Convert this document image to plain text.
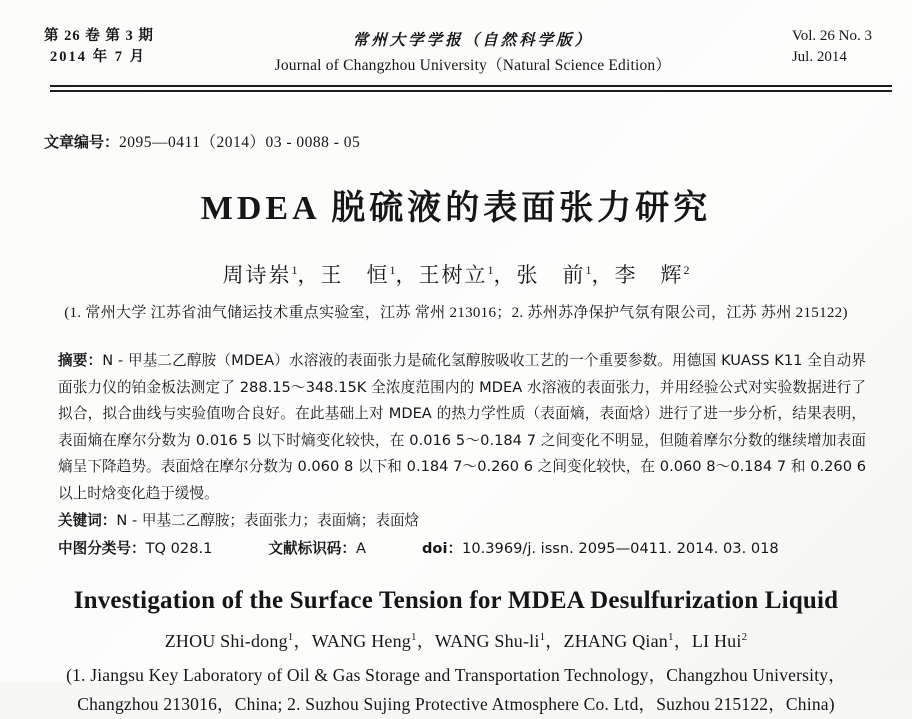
第 26 卷 第 3 期
2014 年 7 月
常州大学学报（自然科学版）
Journal of Changzhou University（Natural Science Edition）
Vol. 26 No. 3
Jul. 2014
文章编号：2095—0411（2014）03 - 0088 - 05
MDEA 脱硫液的表面张力研究
周诗岽$^1$，王　恒$^1$，王树立$^1$，张　前$^1$，李　辉$^2$
(1. 常州大学 江苏省油气储运技术重点实验室，江苏 常州 213016；2. 苏州苏净保护气氛有限公司，江苏 苏州 215122)
摘要：N - 甲基二乙醇胺（MDEA）水溶液的表面张力是硫化氢醇胺吸收工艺的一个重要参数。用德国 KUASS K11 全自动界面张力仪的铂金板法测定了 288.15～348.15K 全浓度范围内的 MDEA 水溶液的表面张力，并用经验公式对实验数据进行了拟合，拟合曲线与实验值吻合良好。在此基础上对 MDEA 的热力学性质（表面熵，表面焓）进行了进一步分析，结果表明，表面熵在摩尔分数为 0.016 5 以下时熵变化较快，在 0.016 5～0.184 7 之间变化不明显，但随着摩尔分数的继续增加表面熵呈下降趋势。表面焓在摩尔分数为 0.060 8 以下和 0.184 7～0.260 6 之间变化较快，在 0.060 8～0.184 7 和 0.260 6 以上时焓变化趋于缓慢。
关键词：N - 甲基二乙醇胺；表面张力；表面熵；表面焓
中图分类号：TQ 028.1	文献标识码：A	doi：10.3969/j. issn. 2095—0411. 2014. 03. 018
Investigation of the Surface Tension for MDEA Desulfurization Liquid
ZHOU Shi-dong$^1$，WANG Heng$^1$，WANG Shu-$li^1$，ZHANG Qian$^1$，LI Hui$^2$
(1. Jiangsu Key Laboratory of Oil & Gas Storage and Transportation Technology，Changzhou University，
Changzhou 213016，China; 2. Suzhou Sujing Protective Atmosphere Co. Ltd，Suzhou 215122，China)
